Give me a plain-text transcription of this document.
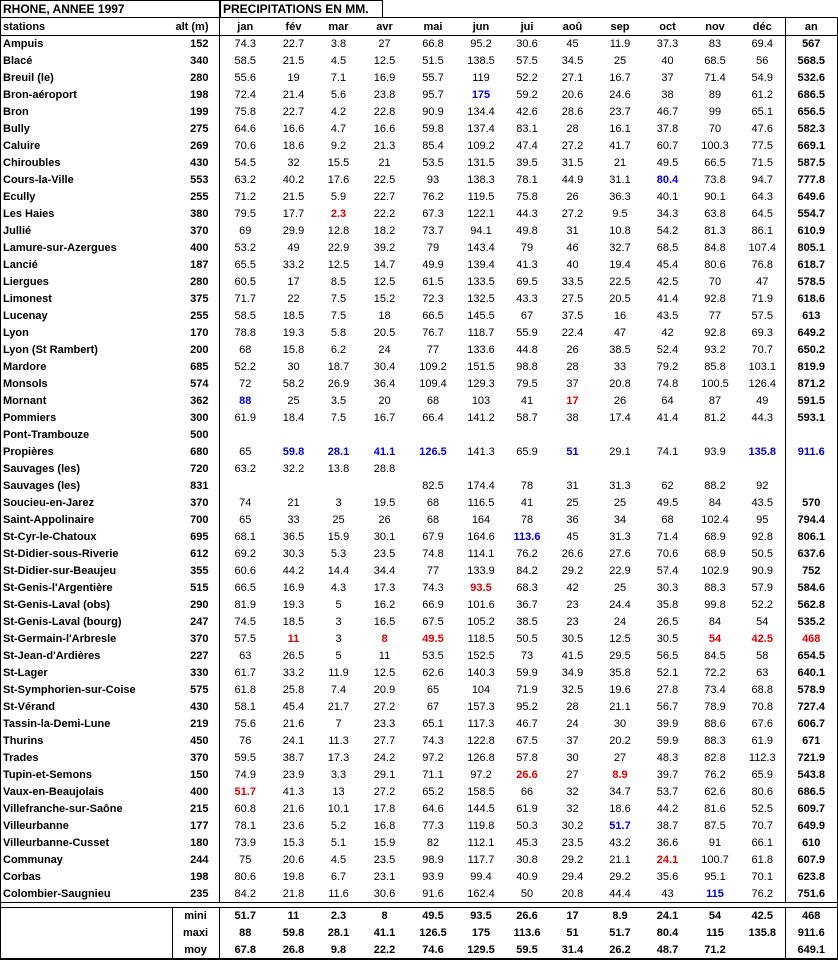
RHONE, ANNEE 1997	PRECIPITATIONS EN MM.
stations	alt (m)	jan	fév	mar	avr	mai	jun	jui	aoû	sep	oct	nov	déc	an
Ampuis	152	74.3	22.7	3.8	27	66.8	95.2	30.6	45	11.9	37.3	83	69.4	567
Blacé	340	58.5	21.5	4.5	12.5	51.5	138.5	57.5	34.5	25	40	68.5	56	568.5
Breuil (le)	280	55.6	19	7.1	16.9	55.7	119	52.2	27.1	16.7	37	71.4	54.9	532.6
Bron-aéroport	198	72.4	21.4	5.6	23.8	95.7	175	59.2	20.6	24.6	38	89	61.2	686.5
Bron	199	75.8	22.7	4.2	22.8	90.9	134.4	42.6	28.6	23.7	46.7	99	65.1	656.5
Bully	275	64.6	16.6	4.7	16.6	59.8	137.4	83.1	28	16.1	37.8	70	47.6	582.3
Caluire	269	70.6	18.6	9.2	21.3	85.4	109.2	47.4	27.2	41.7	60.7	100.3	77.5	669.1
Chiroubles	430	54.5	32	15.5	21	53.5	131.5	39.5	31.5	21	49.5	66.5	71.5	587.5
Cours-la-Ville	553	63.2	40.2	17.6	22.5	93	138.3	78.1	44.9	31.1	80.4	73.8	94.7	777.8
Ecully	255	71.2	21.5	5.9	22.7	76.2	119.5	75.8	26	36.3	40.1	90.1	64.3	649.6
Les Haies	380	79.5	17.7	2.3	22.2	67.3	122.1	44.3	27.2	9.5	34.3	63.8	64.5	554.7
Jullié	370	69	29.9	12.8	18.2	73.7	94.1	49.8	31	10.8	54.2	81.3	86.1	610.9
Lamure-sur-Azergues	400	53.2	49	22.9	39.2	79	143.4	79	46	32.7	68.5	84.8	107.4	805.1
Lancié	187	65.5	33.2	12.5	14.7	49.9	139.4	41.3	40	19.4	45.4	80.6	76.8	618.7
Liergues	280	60.5	17	8.5	12.5	61.5	133.5	69.5	33.5	22.5	42.5	70	47	578.5
Limonest	375	71.7	22	7.5	15.2	72.3	132.5	43.3	27.5	20.5	41.4	92.8	71.9	618.6
Lucenay	255	58.5	18.5	7.5	18	66.5	145.5	67	37.5	16	43.5	77	57.5	613
Lyon	170	78.8	19.3	5.8	20.5	76.7	118.7	55.9	22.4	47	42	92.8	69.3	649.2
Lyon (St Rambert)	200	68	15.8	6.2	24	77	133.6	44.8	26	38.5	52.4	93.2	70.7	650.2
Mardore	685	52.2	30	18.7	30.4	109.2	151.5	98.8	28	33	79.2	85.8	103.1	819.9
Monsols	574	72	58.2	26.9	36.4	109.4	129.3	79.5	37	20.8	74.8	100.5	126.4	871.2
Mornant	362	88	25	3.5	20	68	103	41	17	26	64	87	49	591.5
Pommiers	300	61.9	18.4	7.5	16.7	66.4	141.2	58.7	38	17.4	41.4	81.2	44.3	593.1
Pont-Trambouze	500													
Propières	680	65	59.8	28.1	41.1	126.5	141.3	65.9	51	29.1	74.1	93.9	135.8	911.6
Sauvages (les)	720	63.2	32.2	13.8	28.8									
Sauvages (les)	831					82.5	174.4	78	31	31.3	62	88.2	92	
Soucieu-en-Jarez	370	74	21	3	19.5	68	116.5	41	25	25	49.5	84	43.5	570
Saint-Appolinaire	700	65	33	25	26	68	164	78	36	34	68	102.4	95	794.4
St-Cyr-le-Chatoux	695	68.1	36.5	15.9	30.1	67.9	164.6	113.6	45	31.3	71.4	68.9	92.8	806.1
St-Didier-sous-Riverie	612	69.2	30.3	5.3	23.5	74.8	114.1	76.2	26.6	27.6	70.6	68.9	50.5	637.6
St-Didier-sur-Beaujeu	355	60.6	44.2	14.4	34.4	77	133.9	84.2	29.2	22.9	57.4	102.9	90.9	752
St-Genis-l'Argentière	515	66.5	16.9	4.3	17.3	74.3	93.5	68.3	42	25	30.3	88.3	57.9	584.6
St-Genis-Laval (obs)	290	81.9	19.3	5	16.2	66.9	101.6	36.7	23	24.4	35.8	99.8	52.2	562.8
St-Genis-Laval (bourg)	247	74.5	18.5	3	16.5	67.5	105.2	38.5	23	24	26.5	84	54	535.2
St-Germain-l'Arbresle	370	57.5	11	3	8	49.5	118.5	50.5	30.5	12.5	30.5	54	42.5	468
St-Jean-d'Ardières	227	63	26.5	5	11	53.5	152.5	73	41.5	29.5	56.5	84.5	58	654.5
St-Lager	330	61.7	33.2	11.9	12.5	62.6	140.3	59.9	34.9	35.8	52.1	72.2	63	640.1
St-Symphorien-sur-Coise	575	61.8	25.8	7.4	20.9	65	104	71.9	32.5	19.6	27.8	73.4	68.8	578.9
St-Vérand	430	58.1	45.4	21.7	27.2	67	157.3	95.2	28	21.1	56.7	78.9	70.8	727.4
Tassin-la-Demi-Lune	219	75.6	21.6	7	23.3	65.1	117.3	46.7	24	30	39.9	88.6	67.6	606.7
Thurins	450	76	24.1	11.3	27.7	74.3	122.8	67.5	37	20.2	59.9	88.3	61.9	671
Trades	370	59.5	38.7	17.3	24.2	97.2	126.8	57.8	30	27	48.3	82.8	112.3	721.9
Tupin-et-Semons	150	74.9	23.9	3.3	29.1	71.1	97.2	26.6	27	8.9	39.7	76.2	65.9	543.8
Vaux-en-Beaujolais	400	51.7	41.3	13	27.2	65.2	158.5	66	32	34.7	53.7	62.6	80.6	686.5
Villefranche-sur-Saône	215	60.8	21.6	10.1	17.8	64.6	144.5	61.9	32	18.6	44.2	81.6	52.5	609.7
Villeurbanne	177	78.1	23.6	5.2	16.8	77.3	119.8	50.3	30.2	51.7	38.7	87.5	70.7	649.9
Villeurbanne-Cusset	180	73.9	15.3	5.1	15.9	82	112.1	45.3	23.5	43.2	36.6	91	66.1	610
Communay	244	75	20.6	4.5	23.5	98.9	117.7	30.8	29.2	21.1	24.1	100.7	61.8	607.9
Corbas	198	80.6	19.8	6.7	23.1	93.9	99.4	40.9	29.4	29.2	35.6	95.1	70.1	623.8
Colombier-Saugnieu	235	84.2	21.8	11.6	30.6	91.6	162.4	50	20.8	44.4	43	115	76.2	751.6

	mini	51.7	11	2.3	8	49.5	93.5	26.6	17	8.9	24.1	54	42.5	468
	maxi	88	59.8	28.1	41.1	126.5	175	113.6	51	51.7	80.4	115	135.8	911.6
	moy	67.8	26.8	9.8	22.2	74.6	129.5	59.5	31.4	26.2	48.7	71.2		649.1
